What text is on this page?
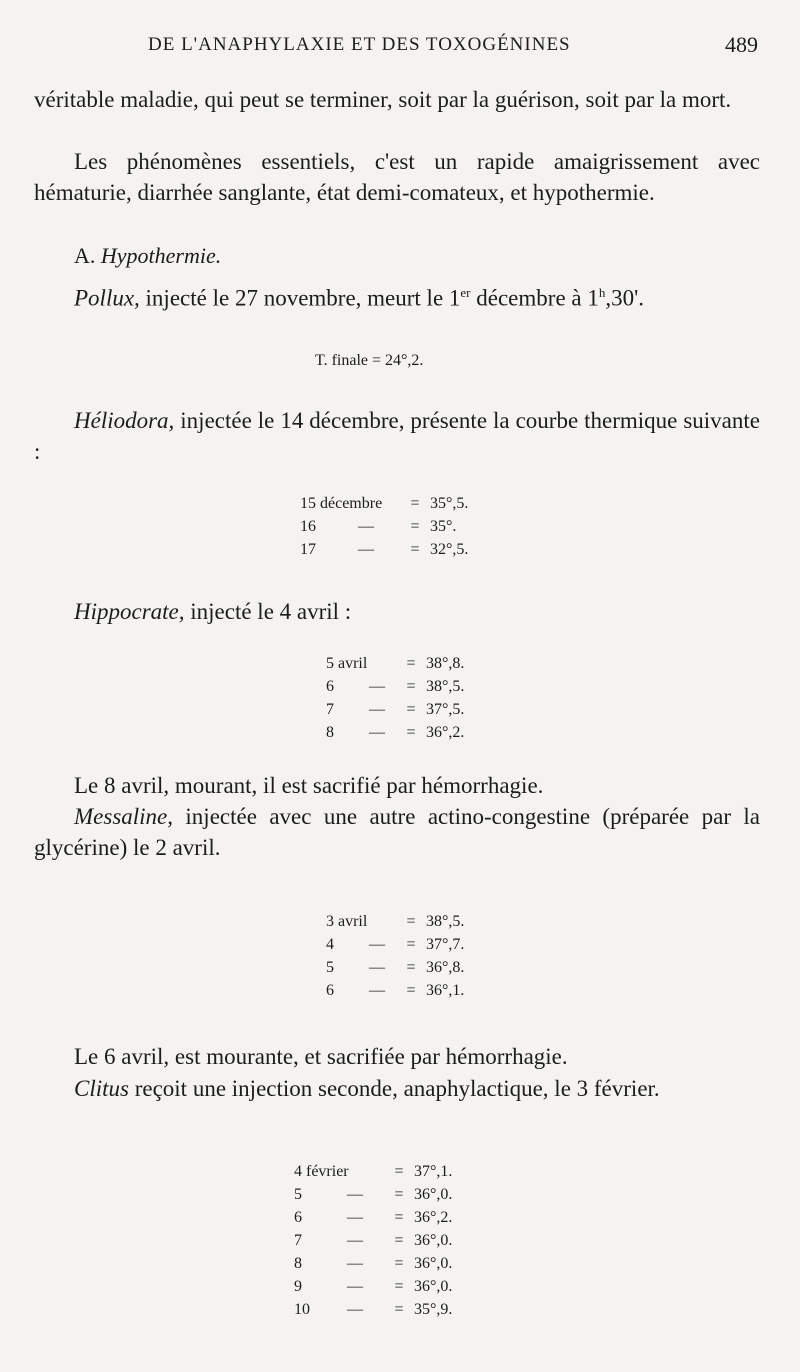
DE L'ANAPHYLAXIE ET DES TOXOGÉNINES	489

véritable maladie, qui peut se terminer, soit par la guérison, soit par la mort.

Les phénomènes essentiels, c'est un rapide amaigrissement avec hématurie, diarrhée sanglante, état demi-comateux, et hypothermie.

A. Hypothermie.

Pollux, injecté le 27 novembre, meurt le 1er décembre à 1$^h$,30'.

T. finale = 24°,2.

Héliodora, injectée le 14 décembre, présente la courbe thermique suivante :

15 décembre = 35°,5.
16	— = 35°.
17	— = 32°,5.

Hippocrate, injecté le 4 avril :

5 avril = 38°,8.
6 — = 38°,5.
7 — = 37°,5.
8 — = 36°,2.

Le 8 avril, mourant, il est sacrifié par hémorrhagie.

Messaline, injectée avec une autre actino-congestine (préparée par la glycérine) le 2 avril.

3 avril = 38°,5.
4 — = 37°,7.
5 — = 36°,8.
6 — = 36°,1.

Le 6 avril, est mourante, et sacrifiée par hémorrhagie.

Clitus reçoit une injection seconde, anaphylactique, le 3 février.

4 février	= 37°,1.
5	— = 36°,0.
6	— = 36°,2.
7	— = 36°,0.
8	— = 36°,0.
9	— = 36°,0.
10 — = 35°,9.
